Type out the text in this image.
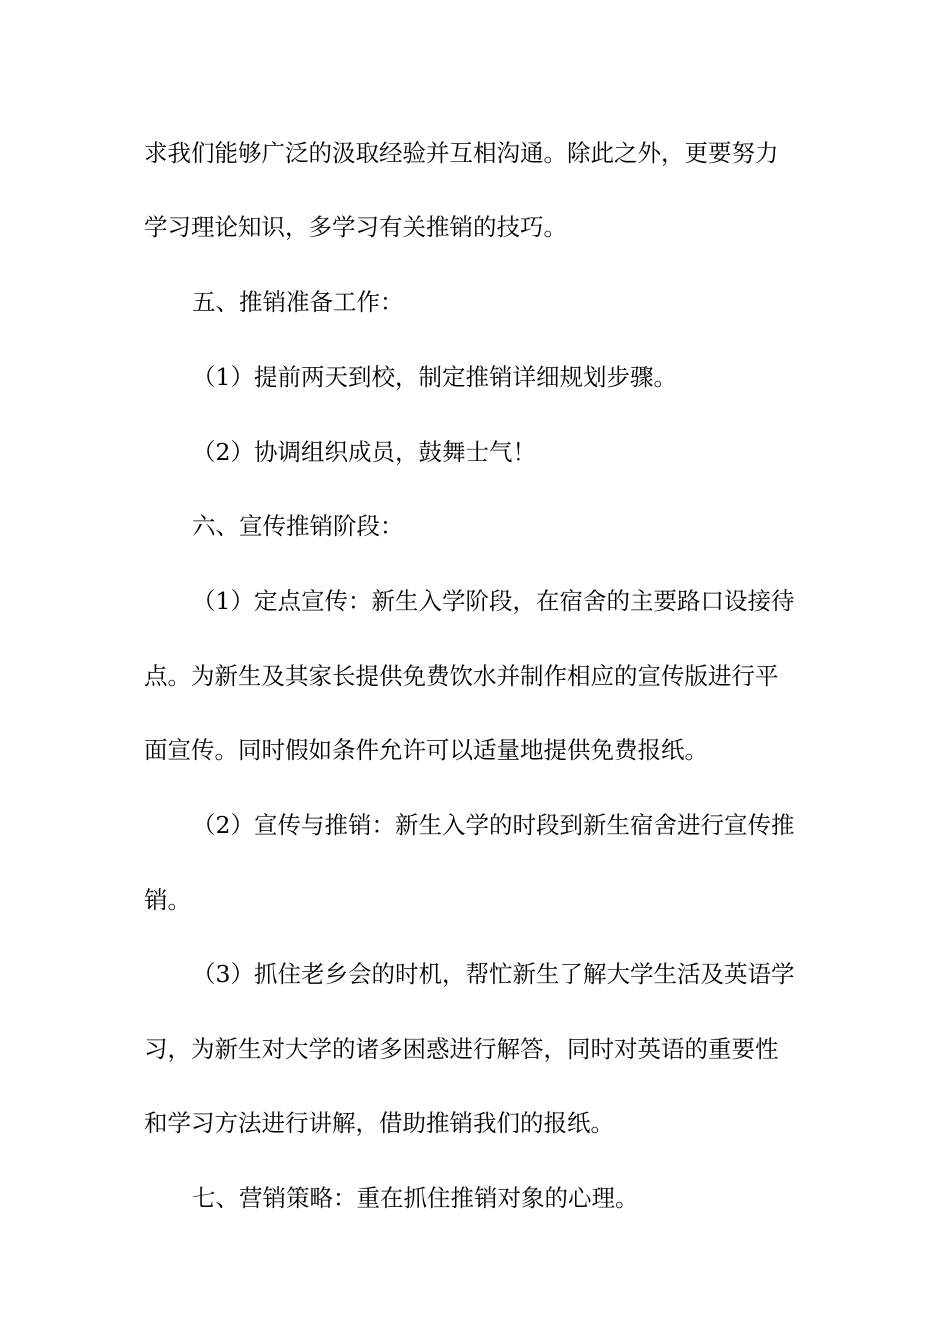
求我们能够广泛的汲取经验并互相沟通。除此之外，更要努力
学习理论知识，多学习有关推销的技巧。
五、推销准备工作：
（1）提前两天到校，制定推销详细规划步骤。
（2）协调组织成员，鼓舞士气！
六、宣传推销阶段：
（1）定点宣传：新生入学阶段，在宿舍的主要路口设接待
点。为新生及其家长提供免费饮水并制作相应的宣传版进行平
面宣传。同时假如条件允许可以适量地提供免费报纸。
（2）宣传与推销：新生入学的时段到新生宿舍进行宣传推
销。
（3）抓住老乡会的时机，帮忙新生了解大学生活及英语学
习，为新生对大学的诸多困惑进行解答，同时对英语的重要性
和学习方法进行讲解，借助推销我们的报纸。
七、营销策略：重在抓住推销对象的心理。
